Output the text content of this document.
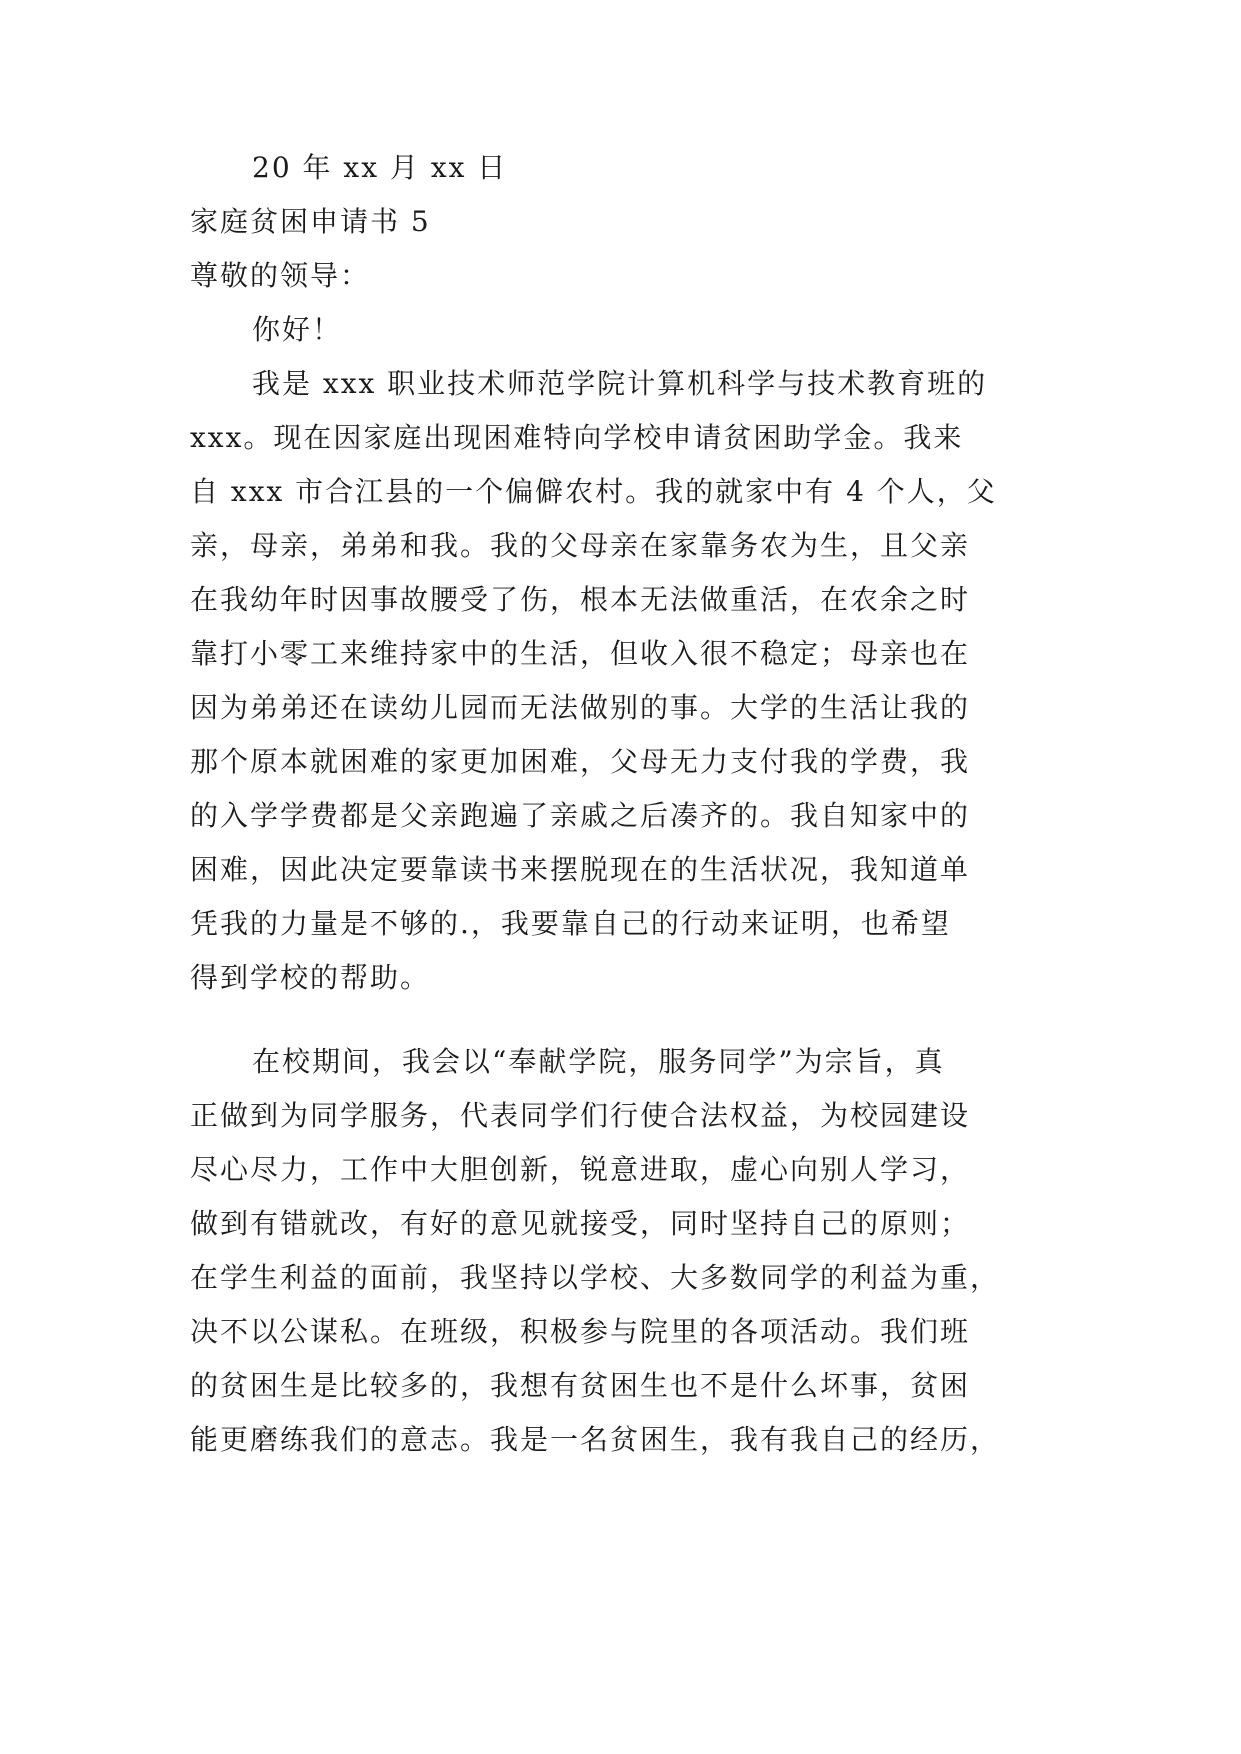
20 年 xx 月 xx 日

家庭贫困申请书 5

尊敬的领导：

你好！

我是 xxx 职业技术师范学院计算机科学与技术教育班的

xxx。现在因家庭出现困难特向学校申请贫困助学金。我来

自 xxx 市合江县的一个偏僻农村。我的就家中有 4 个人，父

亲，母亲，弟弟和我。我的父母亲在家靠务农为生，且父亲

在我幼年时因事故腰受了伤，根本无法做重活，在农余之时

靠打小零工来维持家中的生活，但收入很不稳定；母亲也在

因为弟弟还在读幼儿园而无法做别的事。大学的生活让我的

那个原本就困难的家更加困难，父母无力支付我的学费，我

的入学学费都是父亲跑遍了亲戚之后凑齐的。我自知家中的

困难，因此决定要靠读书来摆脱现在的生活状况，我知道单

凭我的力量是不够的.，我要靠自己的行动来证明，也希望

得到学校的帮助。

在校期间，我会以“奉献学院，服务同学”为宗旨，真

正做到为同学服务，代表同学们行使合法权益，为校园建设

尽心尽力，工作中大胆创新，锐意进取，虚心向别人学习，

做到有错就改，有好的意见就接受，同时坚持自己的原则；

在学生利益的面前，我坚持以学校、大多数同学的利益为重，

决不以公谋私。在班级，积极参与院里的各项活动。我们班

的贫困生是比较多的，我想有贫困生也不是什么坏事，贫困

能更磨练我们的意志。我是一名贫困生，我有我自己的经历，
